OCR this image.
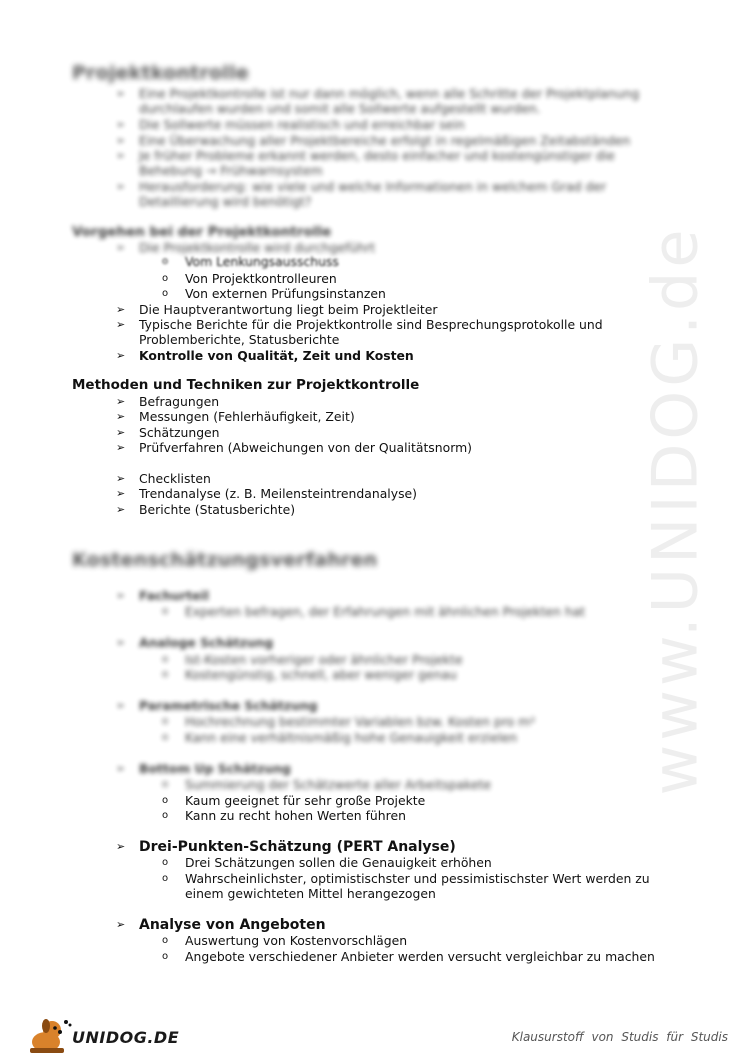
www.UNIDOG.de
Projektkontrolle
➢ Eine Projektkontrolle ist nur dann möglich, wenn alle Schritte der Projektplanung
durchlaufen wurden und somit alle Sollwerte aufgestellt wurden.
➢ Die Sollwerte müssen realistisch und erreichbar sein
➢ Eine Überwachung aller Projektbereiche erfolgt in regelmäßigen Zeitabständen
➢ Je früher Probleme erkannt werden, desto einfacher und kostengünstiger die
Behebung → Frühwarnsystem
➢ Herausforderung: wie viele und welche Informationen in welchem Grad der
Detaillierung wird benötigt?
Vorgehen bei der Projektkontrolle
➢ Die Projektkontrolle wird durchgeführt
o Vom Lenkungsausschuss
o Von Projektkontrolleuren
o Von externen Prüfungsinstanzen
➢ Die Hauptverantwortung liegt beim Projektleiter
➢ Typische Berichte für die Projektkontrolle sind Besprechungsprotokolle und
Problemberichte, Statusberichte
➢ Kontrolle von Qualität, Zeit und Kosten
Methoden und Techniken zur Projektkontrolle
➢ Befragungen
➢ Messungen (Fehlerhäufigkeit, Zeit)
➢ Schätzungen
➢ Prüfverfahren (Abweichungen von der Qualitätsnorm)
➢ Checklisten
➢ Trendanalyse (z. B. Meilensteintrendanalyse)
➢ Berichte (Statusberichte)
Kostenschätzungsverfahren
➢ Fachurteil
o Experten befragen, der Erfahrungen mit ähnlichen Projekten hat
➢ Analoge Schätzung
o Ist-Kosten vorheriger oder ähnlicher Projekte
o Kostengünstig, schnell, aber weniger genau
➢ Parametrische Schätzung
o Hochrechnung bestimmter Variablen bzw. Kosten pro m²
o Kann eine verhältnismäßig hohe Genauigkeit erzielen
➢ Bottom Up Schätzung
o Summierung der Schätzwerte aller Arbeitspakete
o Kaum geeignet für sehr große Projekte
o Kann zu recht hohen Werten führen
➢ Drei-Punkten-Schätzung (PERT Analyse)
o Drei Schätzungen sollen die Genauigkeit erhöhen
o Wahrscheinlichster, optimistischster und pessimistischster Wert werden zu
einem gewichteten Mittel herangezogen
➢ Analyse von Angeboten
o Auswertung von Kostenvorschlägen
o Angebote verschiedener Anbieter werden versucht vergleichbar zu machen
UNIDOG.DE	Klausurstoff von Studis für Studis
